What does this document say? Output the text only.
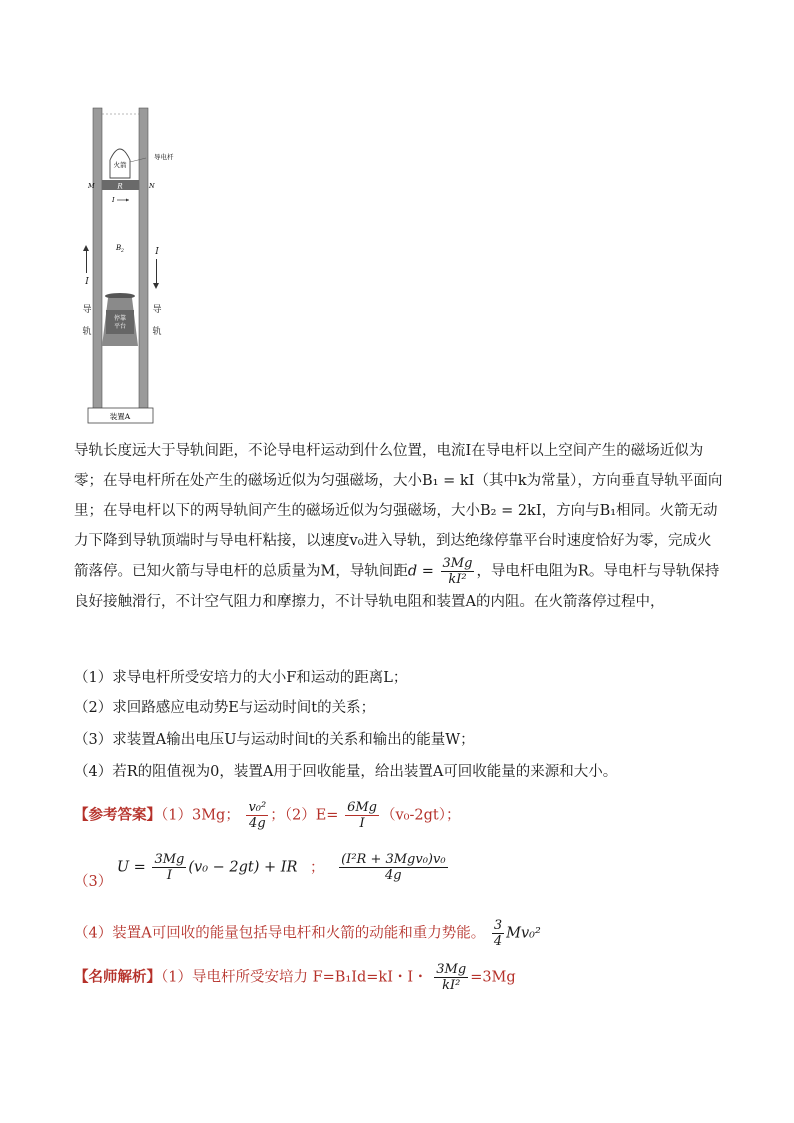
火箭
R
导电杆
M	N
I
B 2
停靠平台
装置A
I
导轨
I
导轨
导轨长度远大于导轨间距，不论导电杆运动到什么位置，电流I在导电杆以上空间产生的磁场近似为零；在导电杆所在处产生的磁场近似为匀强磁场，大小B₁ = kI（其中k为常量），方向垂直导轨平面向里；在导电杆以下的两导轨间产生的磁场近似为匀强磁场，大小B₂ = 2kI，方向与B₁相同。火箭无动力下降到导轨顶端时与导电杆粘接，以速度v₀进入导轨，到达绝缘停靠平台时速度恰好为零，完成火箭落停。已知火箭与导电杆的总质量为M，导轨间距$d = \frac{3Mg}{\text{kI²}}$ ，导电杆电阻为R。导电杆与导轨保持良好接触滑行，不计空气阻力和摩擦力，不计导轨电阻和装置A的内阻。在火箭落停过程中，
（1）求导电杆所受安培力的大小F和运动的距离L；
（2）求回路感应电动势E与运动时间t的关系；
（3）求装置A输出电压U与运动时间t的关系和输出的能量W；
（4）若R的阻值视为0，装置A用于回收能量，给出装置A可回收能量的来源和大小。
【参考答案】（1）3Mg； $\frac{\text{v₀²}}{4g}$ ；$(2)E= \frac{6Mg}{I} (v_0-2gt)$；
（3） $U = \frac{3Mg}{I} (v_0 - 2gt)$ + IR ； $\frac{\text{(I²R + 3Mgv₀)v₀}}{4g}$
（4）装置A可回收的能量包括导电杆和火箭的动能和重力势能。 $\frac{3}{4} Mv_0^2$
【名师解析】（1）导电杆所受安培力 F=B₁Id=kI・I・ $\frac{3Mg}{\text{kI²}} =3Mg$
